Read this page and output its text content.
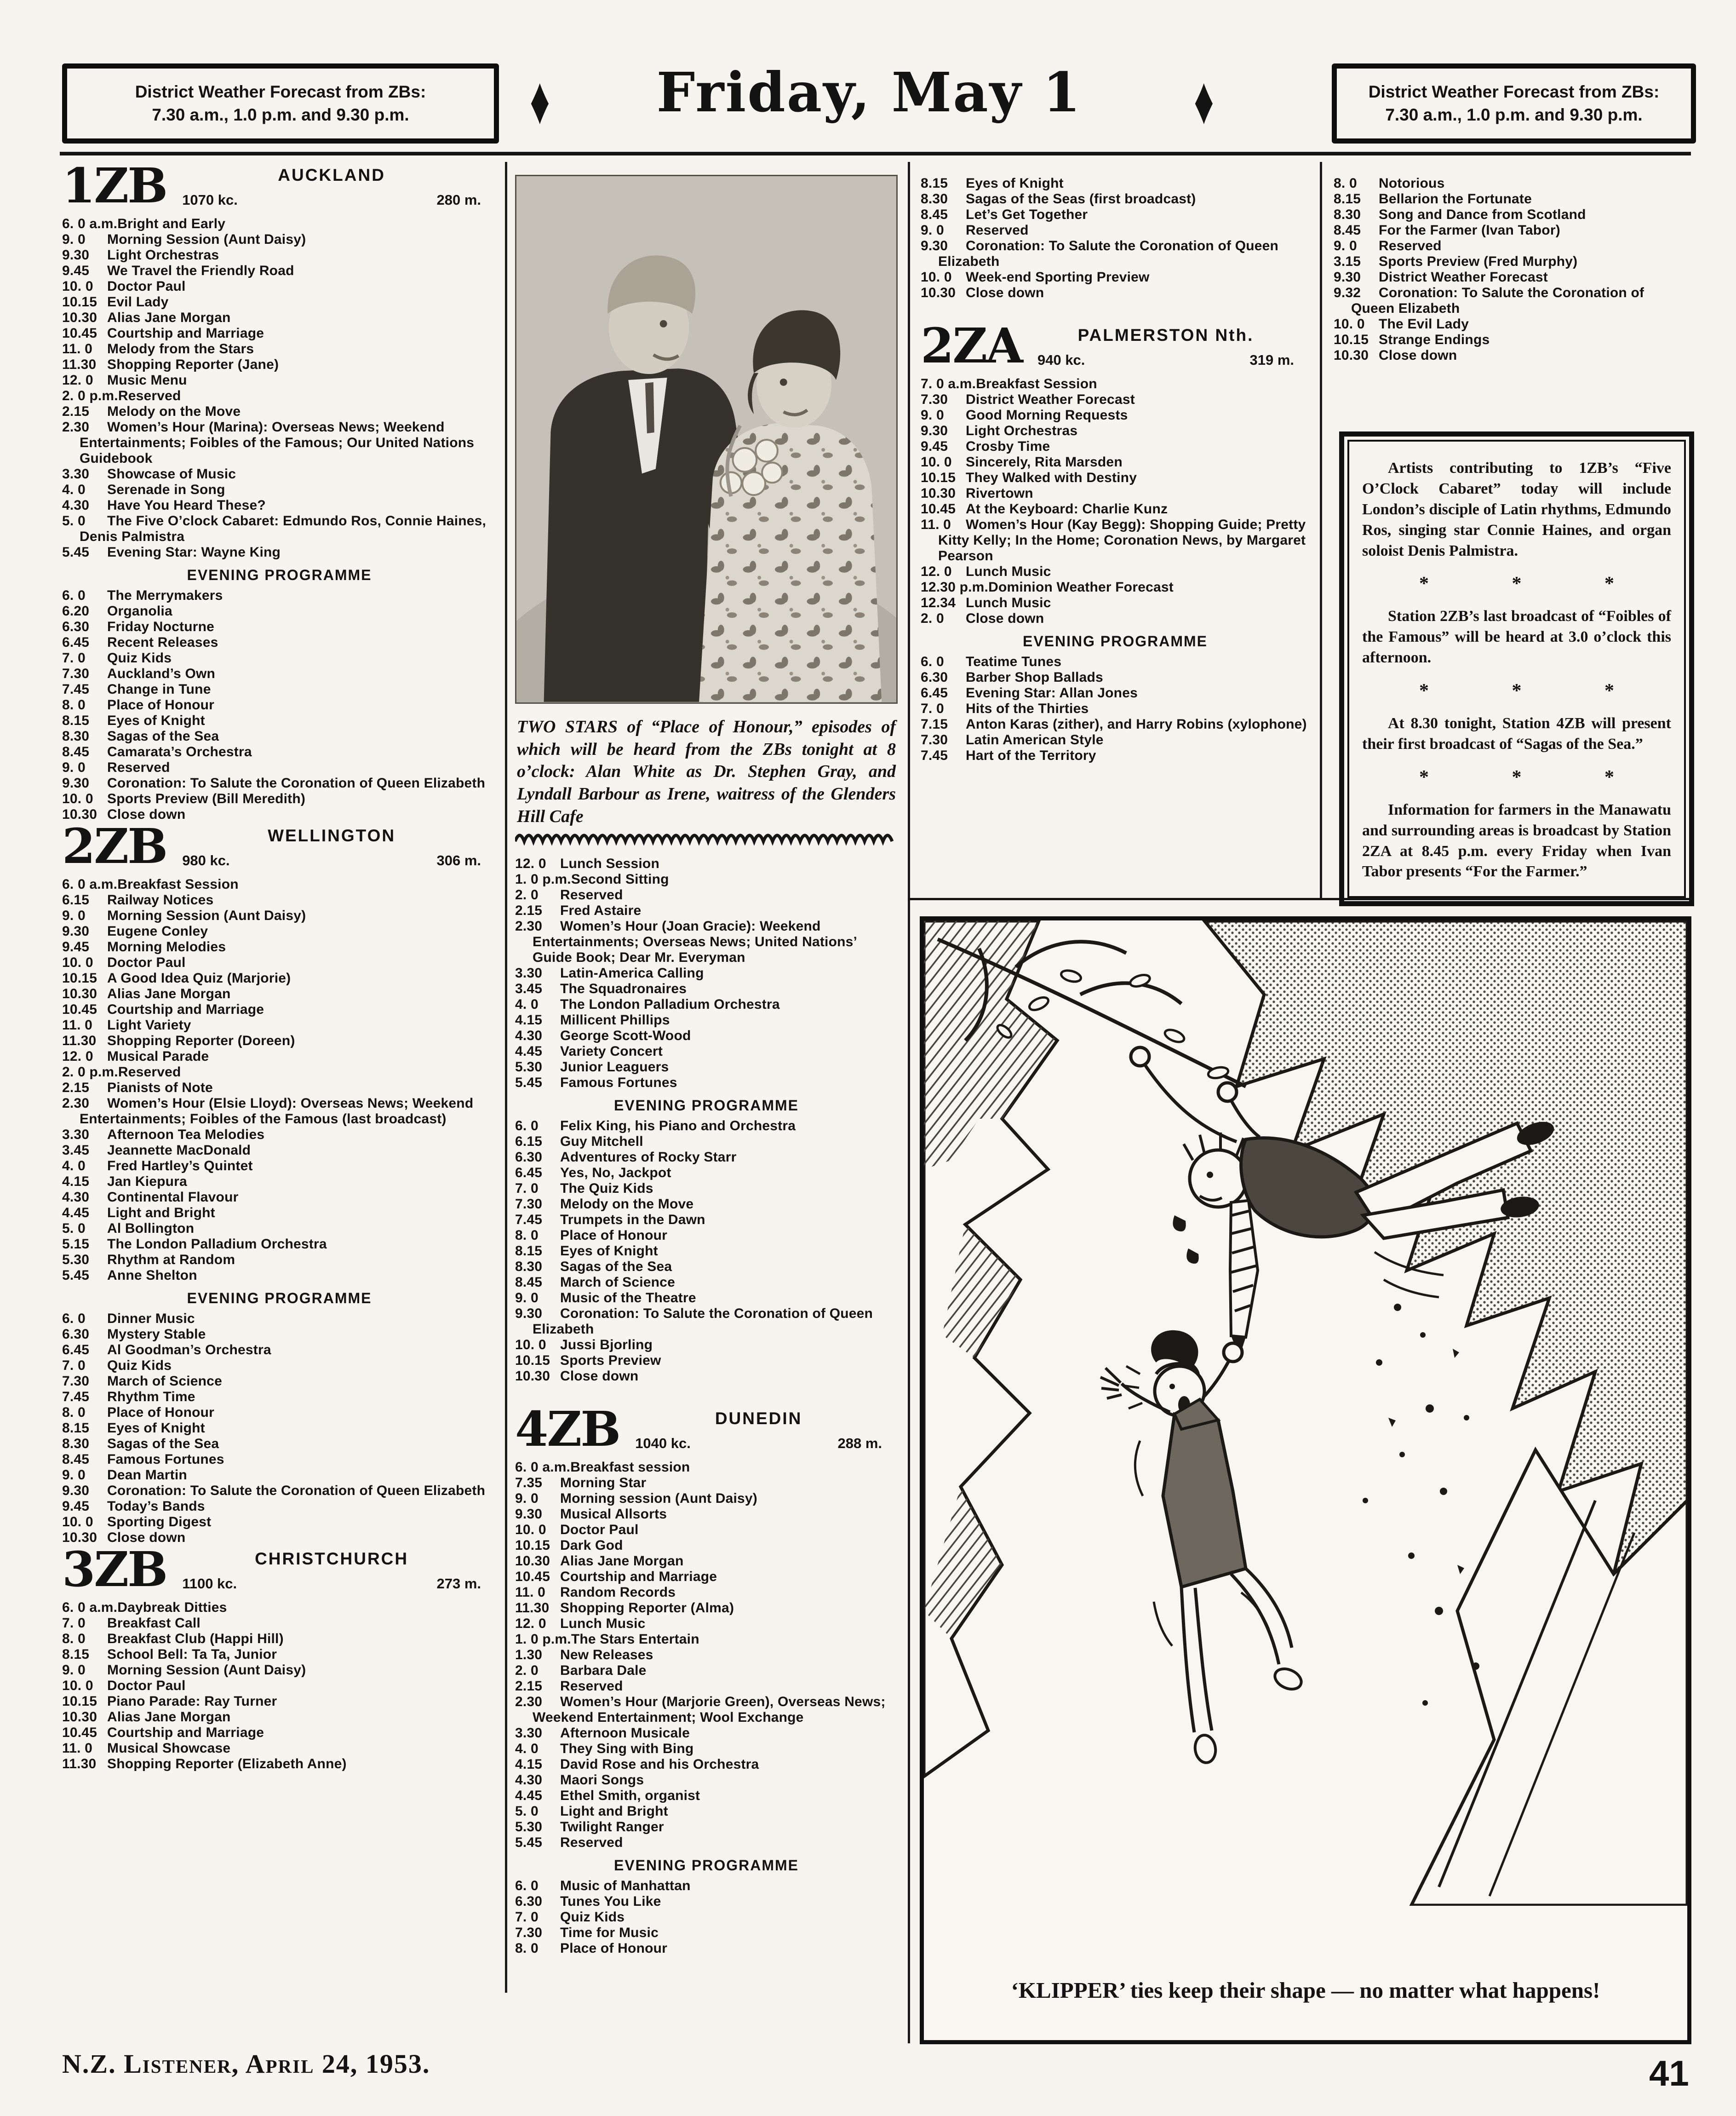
District Weather Forecast from ZBs:
7.30 a.m., 1.0 p.m. and 9.30 p.m.	♦	Friday, May 1	♦	District Weather Forecast from ZBs:
7.30 a.m., 1.0 p.m. and 9.30 p.m.
1ZB	AUCKLAND
1070 kc.	280 m.
6. 0 a.m.Bright and Early
9. 0 Morning Session (Aunt Daisy)
9.30 Light Orchestras
9.45 We Travel the Friendly Road
10. 0 Doctor Paul
10.15 Evil Lady
10.30 Alias Jane Morgan
10.45 Courtship and Marriage
11. 0 Melody from the Stars
11.30 Shopping Reporter (Jane)
12. 0 Music Menu
2. 0 p.m.Reserved
2.15 Melody on the Move
2.30 Women’s Hour (Marina): Overseas News; Weekend Entertainments; Foibles of the Famous; Our United Nations Guidebook
3.30 Showcase of Music
4. 0 Serenade in Song
4.30 Have You Heard These?
5. 0 The Five O’clock Cabaret: Edmundo Ros, Connie Haines, Denis Palmistra
5.45 Evening Star: Wayne King
EVENING PROGRAMME
6. 0 The Merrymakers
6.20 Organolia
6.30 Friday Nocturne
6.45 Recent Releases
7. 0 Quiz Kids
7.30 Auckland’s Own
7.45 Change in Tune
8. 0 Place of Honour
8.15 Eyes of Knight
8.30 Sagas of the Sea
8.45 Camarata’s Orchestra
9. 0 Reserved
9.30 Coronation: To Salute the Coronation of Queen Elizabeth
10. 0 Sports Preview (Bill Meredith)
10.30 Close down
2ZB	WELLINGTON
980 kc.	306 m.
6. 0 a.m.Breakfast Session
6.15 Railway Notices
9. 0 Morning Session (Aunt Daisy)
9.30 Eugene Conley
9.45 Morning Melodies
10. 0 Doctor Paul
10.15 A Good Idea Quiz (Marjorie)
10.30 Alias Jane Morgan
10.45 Courtship and Marriage
11. 0 Light Variety
11.30 Shopping Reporter (Doreen)
12. 0 Musical Parade
2. 0 p.m.Reserved
2.15 Pianists of Note
2.30 Women’s Hour (Elsie Lloyd): Overseas News; Weekend Entertainments; Foibles of the Famous (last broadcast)
3.30 Afternoon Tea Melodies
3.45 Jeannette MacDonald
4. 0 Fred Hartley’s Quintet
4.15 Jan Kiepura
4.30 Continental Flavour
4.45 Light and Bright
5. 0 Al Bollington
5.15 The London Palladium Orchestra
5.30 Rhythm at Random
5.45 Anne Shelton
EVENING PROGRAMME
6. 0 Dinner Music
6.30 Mystery Stable
6.45 Al Goodman’s Orchestra
7. 0 Quiz Kids
7.30 March of Science
7.45 Rhythm Time
8. 0 Place of Honour
8.15 Eyes of Knight
8.30 Sagas of the Sea
8.45 Famous Fortunes
9. 0 Dean Martin
9.30 Coronation: To Salute the Coronation of Queen Elizabeth
9.45 Today’s Bands
10. 0 Sporting Digest
10.30 Close down
3ZB	CHRISTCHURCH
1100 kc.	273 m.
6. 0 a.m.Daybreak Ditties
7. 0 Breakfast Call
8. 0 Breakfast Club (Happi Hill)
8.15 School Bell: Ta Ta, Junior
9. 0 Morning Session (Aunt Daisy)
10. 0 Doctor Paul
10.15 Piano Parade: Ray Turner
10.30 Alias Jane Morgan
10.45 Courtship and Marriage
11. 0 Musical Showcase
11.30 Shopping Reporter (Elizabeth Anne)

TWO STARS of “Place of Honour,” episodes of which will be heard from the ZBs tonight at 8 o’clock: Alan White as Dr. Stephen Gray, and Lyndall Barbour as Irene, waitress of the Glenders Hill Cafe

12. 0 Lunch Session
1. 0 p.m.Second Sitting
2. 0 Reserved
2.15 Fred Astaire
2.30 Women’s Hour (Joan Gracie): Weekend Entertainments; Overseas News; United Nations’ Guide Book; Dear Mr. Everyman
3.30 Latin-America Calling
3.45 The Squadronaires
4. 0 The London Palladium Orchestra
4.15 Millicent Phillips
4.30 George Scott-Wood
4.45 Variety Concert
5.30 Junior Leaguers
5.45 Famous Fortunes
EVENING PROGRAMME
6. 0 Felix King, his Piano and Orchestra
6.15 Guy Mitchell
6.30 Adventures of Rocky Starr
6.45 Yes, No, Jackpot
7. 0 The Quiz Kids
7.30 Melody on the Move
7.45 Trumpets in the Dawn
8. 0 Place of Honour
8.15 Eyes of Knight
8.30 Sagas of the Sea
8.45 March of Science
9. 0 Music of the Theatre
9.30 Coronation: To Salute the Coronation of Queen Elizabeth
10. 0 Jussi Bjorling
10.15 Sports Preview
10.30 Close down
4ZB	DUNEDIN
1040 kc.	288 m.
6. 0 a.m.Breakfast session
7.35 Morning Star
9. 0 Morning session (Aunt Daisy)
9.30 Musical Allsorts
10. 0 Doctor Paul
10.15 Dark God
10.30 Alias Jane Morgan
10.45 Courtship and Marriage
11. 0 Random Records
11.30 Shopping Reporter (Alma)
12. 0 Lunch Music
1. 0 p.m.The Stars Entertain
1.30 New Releases
2. 0 Barbara Dale
2.15 Reserved
2.30 Women’s Hour (Marjorie Green), Overseas News; Weekend Entertainment; Wool Exchange
3.30 Afternoon Musicale
4. 0 They Sing with Bing
4.15 David Rose and his Orchestra
4.30 Maori Songs
4.45 Ethel Smith, organist
5. 0 Light and Bright
5.30 Twilight Ranger
5.45 Reserved
EVENING PROGRAMME
6. 0 Music of Manhattan
6.30 Tunes You Like
7. 0 Quiz Kids
7.30 Time for Music
8. 0 Place of Honour
8.15 Eyes of Knight
8.30 Sagas of the Seas (first broadcast)
8.45 Let’s Get Together
9. 0 Reserved
9.30 Coronation: To Salute the Coronation of Queen Elizabeth
10. 0 Week-end Sporting Preview
10.30 Close down
2ZA	PALMERSTON Nth.
940 kc.	319 m.
7. 0 a.m.Breakfast Session
7.30 District Weather Forecast
9. 0 Good Morning Requests
9.30 Light Orchestras
9.45 Crosby Time
10. 0 Sincerely, Rita Marsden
10.15 They Walked with Destiny
10.30 Rivertown
10.45 At the Keyboard: Charlie Kunz
11. 0 Women’s Hour (Kay Begg): Shopping Guide; Pretty Kitty Kelly; In the Home; Coronation News, by Margaret Pearson
12. 0 Lunch Music
12.30 p.m.Dominion Weather Forecast
12.34 Lunch Music
2. 0 Close down
EVENING PROGRAMME
6. 0 Teatime Tunes
6.30 Barber Shop Ballads
6.45 Evening Star: Allan Jones
7. 0 Hits of the Thirties
7.15 Anton Karas (zither), and Harry Robins (xylophone)
7.30 Latin American Style
7.45 Hart of the Territory
8. 0 Notorious
8.15 Bellarion the Fortunate
8.30 Song and Dance from Scotland
8.45 For the Farmer (Ivan Tabor)
9. 0 Reserved
3.15 Sports Preview (Fred Murphy)
9.30 District Weather Forecast
9.32 Coronation: To Salute the Coronation of Queen Elizabeth
10. 0 The Evil Lady
10.15 Strange Endings
10.30 Close down

Artists contributing to 1ZB’s “Five O’Clock Cabaret” today will include London’s disciple of Latin rhythms, Edmundo Ros, singing star Connie Haines, and organ soloist Denis Palmistra.

* * *

Station 2ZB’s last broadcast of “Foibles of the Famous” will be heard at 3.0 o’clock this afternoon.

* * *

At 8.30 tonight, Station 4ZB will present their first broadcast of “Sagas of the Sea.”

* * *

Information for farmers in the Manawatu and surrounding areas is broadcast by Station 2ZA at 8.45 p.m. every Friday when Ivan Tabor presents “For the Farmer.”

‘KLIPPER’ ties keep their shape — no matter what happens!
N.Z. Listener, April 24, 1953.	41
